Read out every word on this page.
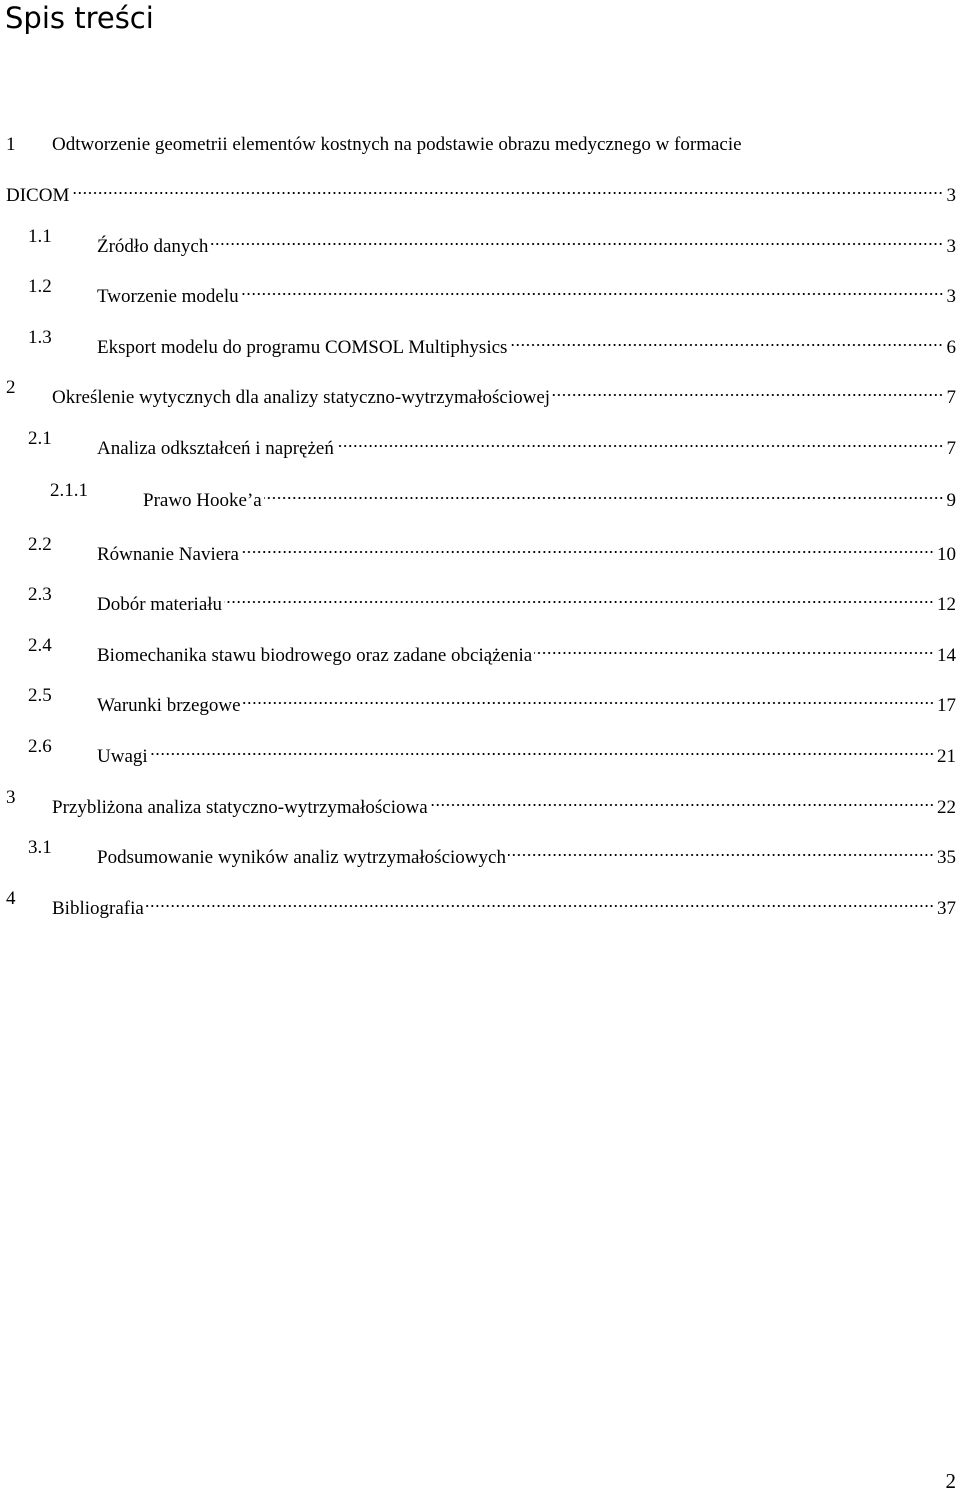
Spis treści
1 Odtworzenie geometrii elementów kostnych na podstawie obrazu medycznego w formacie
DICOM	3
1.1 Źródło danych	3
1.2 Tworzenie modelu	3
1.3 Eksport modelu do programu COMSOL Multiphysics	6
2 Określenie wytycznych dla analizy statyczno-wytrzymałościowej	7
2.1 Analiza odkształceń i naprężeń	7
2.1.1	Prawo Hooke’a	9
2.2 Równanie Naviera	10
2.3 Dobór materiału	12
2.4 Biomechanika stawu biodrowego oraz zadane obciążenia	14
2.5 Warunki brzegowe	17
2.6 Uwagi	21
3 Przybliżona analiza statyczno-wytrzymałościowa	22
3.1 Podsumowanie wyników analiz wytrzymałościowych	35
4 Bibliografia	37
2
